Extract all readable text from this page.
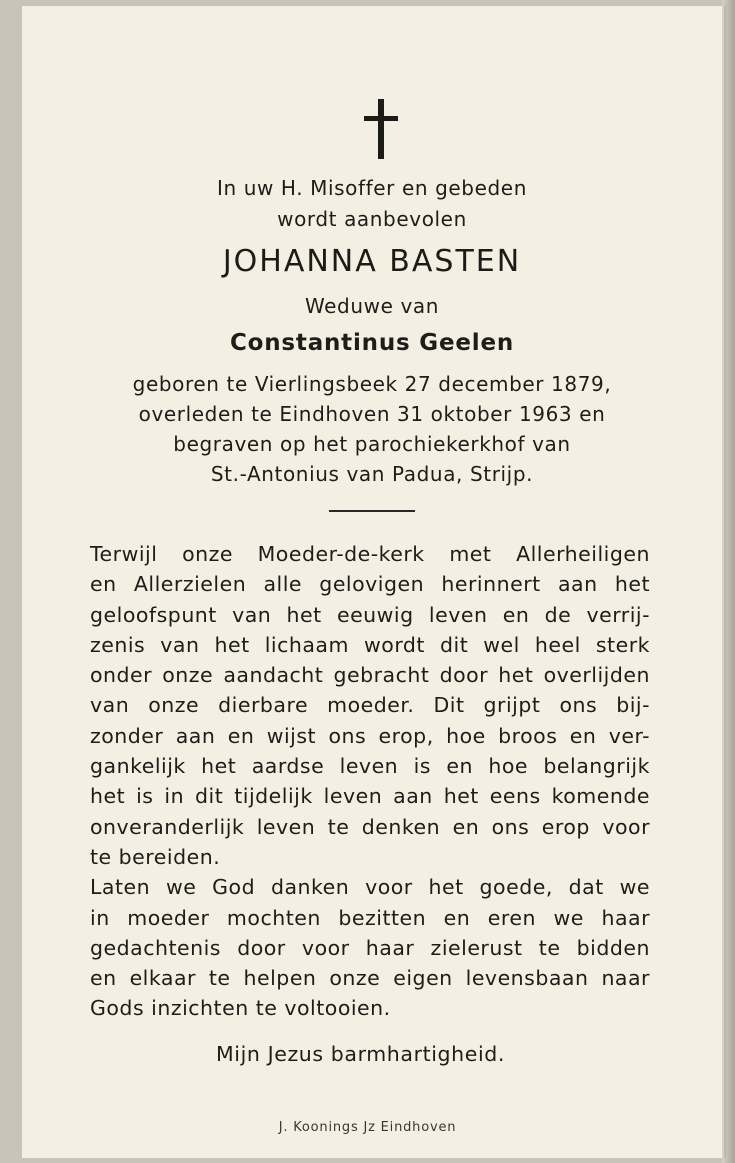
In uw H. Misoffer en gebeden
wordt aanbevolen
JOHANNA BASTEN
Weduwe van
Constantinus Geelen
geboren te Vierlingsbeek 27 december 1879,
overleden te Eindhoven 31 oktober 1963 en
begraven op het parochiekerkhof van
St.-Antonius van Padua, Strijp.
Terwijl onze Moeder-de-kerk met Allerheiligen
en Allerzielen alle gelovigen herinnert aan het
geloofspunt van het eeuwig leven en de verrij-
zenis van het lichaam wordt dit wel heel sterk
onder onze aandacht gebracht door het overlijden
van onze dierbare moeder. Dit grijpt ons bij-
zonder aan en wijst ons erop, hoe broos en ver-
gankelijk het aardse leven is en hoe belangrijk
het is in dit tijdelijk leven aan het eens komende
onveranderlijk leven te denken en ons erop voor
te bereiden.
Laten we God danken voor het goede, dat we
in moeder mochten bezitten en eren we haar
gedachtenis door voor haar zielerust te bidden
en elkaar te helpen onze eigen levensbaan naar
Gods inzichten te voltooien.
Mijn Jezus barmhartigheid.
J. Koonings Jz Eindhoven
